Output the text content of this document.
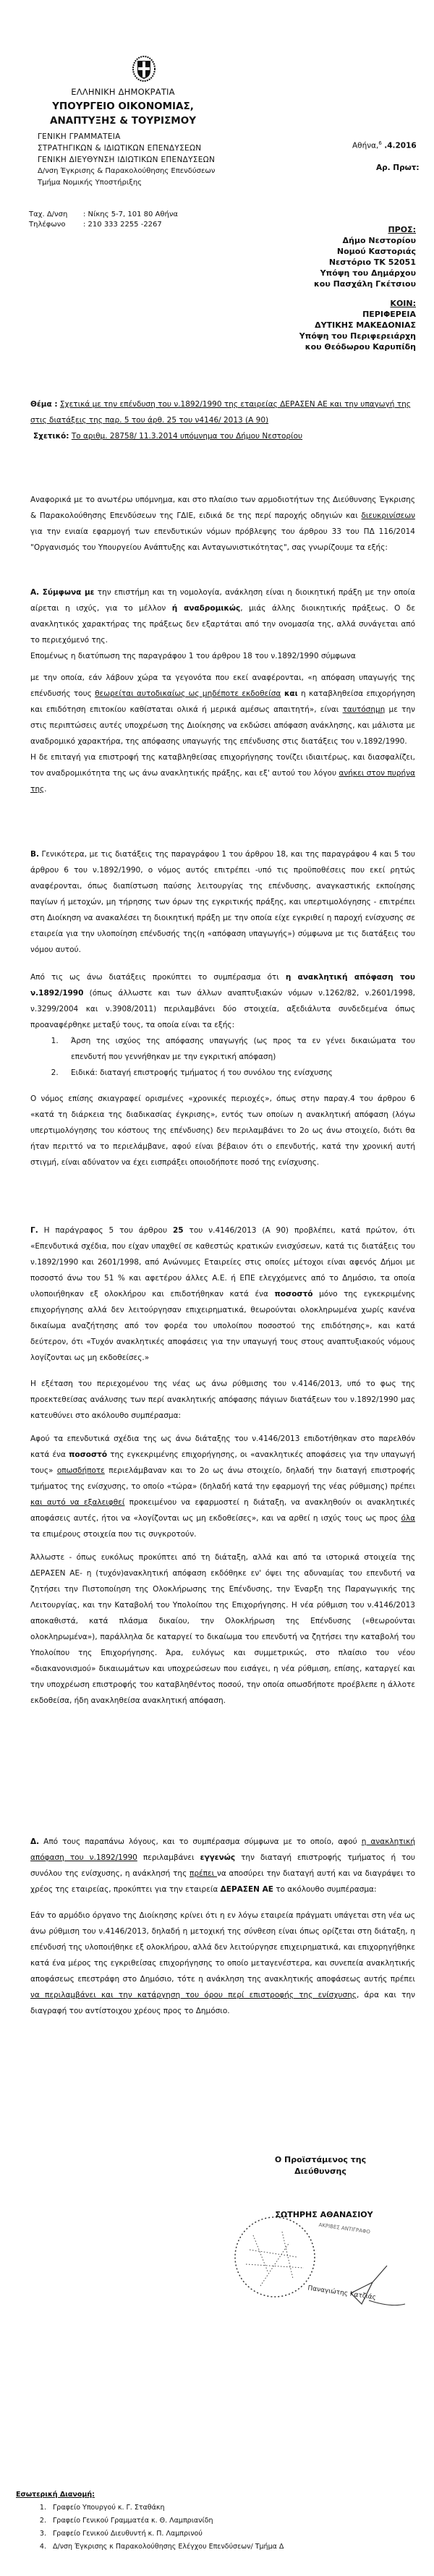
ΕΛΛΗΝΙΚΗ ΔΗΜΟΚΡΑΤΙΑ
ΥΠΟΥΡΓΕΙΟ ΟΙΚΟΝΟΜΙΑΣ,
ΑΝΑΠΤΥΞΗΣ & ΤΟΥΡΙΣΜΟΥ
ΓΕΝΙΚΗ ΓΡΑΜΜΑΤΕΙΑ
ΣΤΡΑΤΗΓΙΚΩΝ & ΙΔΙΩΤΙΚΩΝ ΕΠΕΝΔΥΣΕΩΝ
ΓΕΝΙΚΗ ΔΙΕΥΘΥΝΣΗ ΙΔΙΩΤΙΚΩΝ ΕΠΕΝΔΥΣΕΩΝ
Δ/νση Έγκρισης & Παρακολούθησης Επενδύσεων
Τμήμα Νομικής Υποστήριξης
Ταχ. Δ/νση	: Νίκης 5-7, 101 80 Αθήνα
Τηλέφωνο	: 210 333 2255 -2267
Αθήνα,$^6$ .4.2016
Αρ. Πρωτ:
ΠΡΟΣ:
Δήμο Νεστορίου
Νομού Καστοριάς
Νεστόριο ΤΚ 52051
Υπόψη του Δημάρχου
κου Πασχάλη Γκέτσιου
ΚΟΙΝ:
ΠΕΡΙΦΕΡΕΙΑ
ΔΥΤΙΚΗΣ ΜΑΚΕΔΟΝΙΑΣ
Υπόψη του Περιφερειάρχη
κου Θεόδωρου Καρυπίδη
Θέμα : Σχετικά με την επένδυση του ν.1892/1990 της εταιρείας ΔΕΡΑΣΕΝ ΑΕ και την υπαγωγή της στις διατάξεις της παρ. 5 του άρθ. 25 του ν4146/ 2013 (Α 90)
Σχετικό: Το αριθμ. 28758/ 11.3.2014 υπόμνημα του Δήμου Νεστορίου

Αναφορικά με το ανωτέρω υπόμνημα, και στο πλαίσιο των αρμοδιοτήτων της Διεύθυνσης Έγκρισης & Παρακολούθησης Επενδύσεων της ΓΔΙΕ, ειδικά δε της περί παροχής οδηγιών και διευκρινίσεων για την ενιαία εφαρμογή των επενδυτικών νόμων πρόβλεψης του άρθρου 33 του ΠΔ 116/2014 "Οργανισμός του Υπουργείου Ανάπτυξης και Ανταγωνιστικότητας", σας γνωρίζουμε τα εξής:

Α. Σύμφωνα με την επιστήμη και τη νομολογία, ανάκληση είναι η διοικητική πράξη με την οποία αίρεται η ισχύς, για το μέλλον ή αναδρομικώς, μιάς άλλης διοικητικής πράξεως. Ο δε ανακλητικός χαρακτήρας της πράξεως δεν εξαρτάται από την ονομασία της, αλλά συνάγεται από το περιεχόμενό της.

Επομένως η διατύπωση της παραγράφου 1 του άρθρου 18 του ν.1892/1990 σύμφωνα

με την οποία, εάν λάβουν χώρα τα γεγονότα που εκεί αναφέρονται, «η απόφαση υπαγωγής της επένδυσής τους θεωρείται αυτοδικαίως ως μηδέποτε εκδοθείσα και η καταβληθείσα επιχορήγηση και επιδότηση επιτοκίου καθίσταται ολικά ή μερικά αμέσως απαιτητή», είναι ταυτόσημη με την στις περιπτώσεις αυτές υποχρέωση της Διοίκησης να εκδώσει απόφαση ανάκλησης, και μάλιστα με αναδρομικό χαρακτήρα, της απόφασης υπαγωγής της επένδυσης στις διατάξεις του ν.1892/1990.

Η δε επιταγή για επιστροφή της καταβληθείσας επιχορήγησης τονίζει ιδιαιτέρως, και διασφαλίζει, τον αναδρομικότητα της ως άνω ανακλητικής πράξης, και εξ' αυτού του λόγου ανήκει στον πυρήνα της.

Β. Γενικότερα, με τις διατάξεις της παραγράφου 1 του άρθρου 18, και της παραγράφου 4 και 5 του άρθρου 6 του ν.1892/1990, ο νόμος αυτός επιτρέπει -υπό τις προϋποθέσεις που εκεί ρητώς αναφέρονται, όπως διαπίστωση παύσης λειτουργίας της επένδυσης, αναγκαστικής εκποίησης παγίων ή μετοχών, μη τήρησης των όρων της εγκριτικής πράξης, και υπερτιμολόγησης - επιτρέπει στη Διοίκηση να ανακαλέσει τη διοικητική πράξη με την οποία είχε εγκριθεί η παροχή ενίσχυσης σε εταιρεία για την υλοποίηση επένδυσής της(η «απόφαση υπαγωγής») σύμφωνα με τις διατάξεις του νόμου αυτού.

Από τις ως άνω διατάξεις προκύπτει το συμπέρασμα ότι η ανακλητική απόφαση του ν.1892/1990 (όπως άλλωστε και των άλλων αναπτυξιακών νόμων ν.1262/82, ν.2601/1998, ν.3299/2004 και ν.3908/2011) περιλαμβάνει δύο στοιχεία, αξεδιάλυτα συνδεδεμένα όπως προαναφέρθηκε μεταξύ τους, τα οποία είναι τα εξής:

1. Άρση της ισχύος της απόφασης υπαγωγής (ως προς τα εν γένει δικαιώματα του επενδυτή που γεννήθηκαν με την εγκριτική απόφαση)
2. Ειδικά: διαταγή επιστροφής τμήματος ή του συνόλου της ενίσχυσης

Ο νόμος επίσης σκιαγραφεί ορισμένες «χρονικές περιοχές», όπως στην παραγ.4 του άρθρου 6 «κατά τη διάρκεια της διαδικασίας έγκρισης», εντός των οποίων η ανακλητική απόφαση (λόγω υπερτιμολόγησης του κόστους της επένδυσης) δεν περιλαμβάνει το 2ο ως άνω στοιχείο, διότι θα ήταν περιττό να το περιελάμβανε, αφού είναι βέβαιον ότι ο επενδυτής, κατά την χρονική αυτή στιγμή, είναι αδύνατον να έχει εισπράξει οποιοδήποτε ποσό της ενίσχυσης.

Γ. Η παράγραφος 5 του άρθρου 25 του ν.4146/2013 (Α 90) προβλέπει, κατά πρώτον, ότι «Επενδυτικά σχέδια, που είχαν υπαχθεί σε καθεστώς κρατικών ενισχύσεων, κατά τις διατάξεις του ν.1892/1990 και 2601/1998, από Ανώνυμες Εταιρείες στις οποίες μέτοχοι είναι αφενός Δήμοι με ποσοστό άνω του 51 % και αφετέρου άλλες Α.Ε. ή ΕΠΕ ελεγχόμενες από το Δημόσιο, τα οποία υλοποιήθηκαν εξ ολοκλήρου και επιδοτήθηκαν κατά ένα ποσοστό μόνο της εγκεκριμένης επιχορήγησης αλλά δεν λειτούργησαν επιχειρηματικά, θεωρούνται ολοκληρωμένα χωρίς κανένα δικαίωμα αναζήτησης από τον φορέα του υπολοίπου ποσοστού της επιδότησης», και κατά δεύτερον, ότι «Τυχόν ανακλητικές αποφάσεις για την υπαγωγή τους στους αναπτυξιακούς νόμους λογίζονται ως μη εκδοθείσες.»

Η εξέταση του περιεχομένου της νέας ως άνω ρύθμισης του ν.4146/2013, υπό το φως της προεκτεθείσας ανάλυσης των περί ανακλητικής απόφασης πάγιων διατάξεων του ν.1892/1990 μας κατευθύνει στο ακόλουθο συμπέρασμα:

Αφού τα επενδυτικά σχέδια της ως άνω διάταξης του ν.4146/2013 επιδοτήθηκαν στο παρελθόν κατά ένα ποσοστό της εγκεκριμένης επιχορήγησης, οι «ανακλητικές αποφάσεις για την υπαγωγή τους» οπωσδήποτε περιελάμβαναν και το 2ο ως άνω στοιχείο, δηλαδή την διαταγή επιστροφής τμήματος της ενίσχυσης, το οποίο «τώρα» (δηλαδή κατά την εφαρμογή της νέας ρύθμισης) πρέπει και αυτό να εξαλειφθεί προκειμένου να εφαρμοστεί η διάταξη, να ανακληθούν οι ανακλητικές αποφάσεις αυτές, ήτοι να «λογίζονται ως μη εκδοθείσες», και να αρθεί η ισχύς τους ως προς όλα τα επιμέρους στοιχεία που τις συγκροτούν.

Άλλωστε - όπως ευκόλως προκύπτει από τη διάταξη, αλλά και από τα ιστορικά στοιχεία της ΔΕΡΑΣΕΝ ΑΕ- η (τυχόν)ανακλητική απόφαση εκδόθηκε εν' όψει της αδυναμίας του επενδυτή να ζητήσει την Πιστοποίηση της Ολοκλήρωσης της Επένδυσης, την Έναρξη της Παραγωγικής της Λειτουργίας, και την Καταβολή του Υπολοίπου της Επιχορήγησης. Η νέα ρύθμιση του ν.4146/2013 αποκαθιστά, κατά πλάσμα δικαίου, την Ολοκλήρωση της Επένδυσης («θεωρούνται ολοκληρωμένα»), παράλληλα δε καταργεί το δικαίωμα του επενδυτή να ζητήσει την καταβολή του Υπολοίπου της Επιχορήγησης. Άρα, ευλόγως και συμμετρικώς, στο πλαίσιο του νέου «διακανονισμού» δικαιωμάτων και υποχρεώσεων που εισάγει, η νέα ρύθμιση, επίσης, καταργεί και την υποχρέωση επιστροφής του καταβληθέντος ποσού, την οποία οπωσδήποτε προέβλεπε η άλλοτε εκδοθείσα, ήδη ανακληθείσα ανακλητική απόφαση.

Δ. Από τους παραπάνω λόγους, και το συμπέρασμα σύμφωνα με το οποίο, αφού η ανακλητική απόφαση του ν.1892/1990 περιλαμβάνει εγγενώς την διαταγή επιστροφής τμήματος ή του συνόλου της ενίσχυσης, η ανάκλησή της πρέπει να αποσύρει την διαταγή αυτή και να διαγράψει το χρέος της εταιρείας, προκύπτει για την εταιρεία ΔΕΡΑΣΕΝ ΑΕ το ακόλουθο συμπέρασμα:

Εάν το αρμόδιο όργανο της Διοίκησης κρίνει ότι η εν λόγω εταιρεία πράγματι υπάγεται στη νέα ως άνω ρύθμιση του ν.4146/2013, δηλαδή η μετοχική της σύνθεση είναι όπως ορίζεται στη διάταξη, η επένδυσή της υλοποιήθηκε εξ ολοκλήρου, αλλά δεν λειτούργησε επιχειρηματικά, και επιχορηγήθηκε κατά ένα μέρος της εγκριθείσας επιχορήγησης το οποίο μεταγενέστερα, και συνεπεία ανακλητικής αποφάσεως επεστράφη στο Δημόσιο, τότε η ανάκληση της ανακλητικής αποφάσεως αυτής πρέπει να περιλαμβάνει και την κατάργηση του όρου περί επιστροφής της ενίσχυσης, άρα και την διαγραφή του αντίστοιχου χρέους προς το Δημόσιο.

Ο Προϊστάμενος της
Διεύθυνσης
ΣΩΤΗΡΗΣ ΑΘΑΝΑΣΙΟΥ
ΑΚΡΙΒΕΣ ΑΝΤΙΓΡΑΦΟ
Παναγιώτης Κατζιάς
Εσωτερική Διανομή:
1. Γραφείο Υπουργού κ. Γ. Σταθάκη
2. Γραφείο Γενικού Γραμματέα κ. Θ. Λαμπριανίδη
3. Γραφείο Γενικού Διευθυντή κ. Π. Λαμπρινού
4. Δ/νση Έγκρισης κ Παρακολούθησης Ελέγχου Επενδύσεων/ Τμήμα Δ
